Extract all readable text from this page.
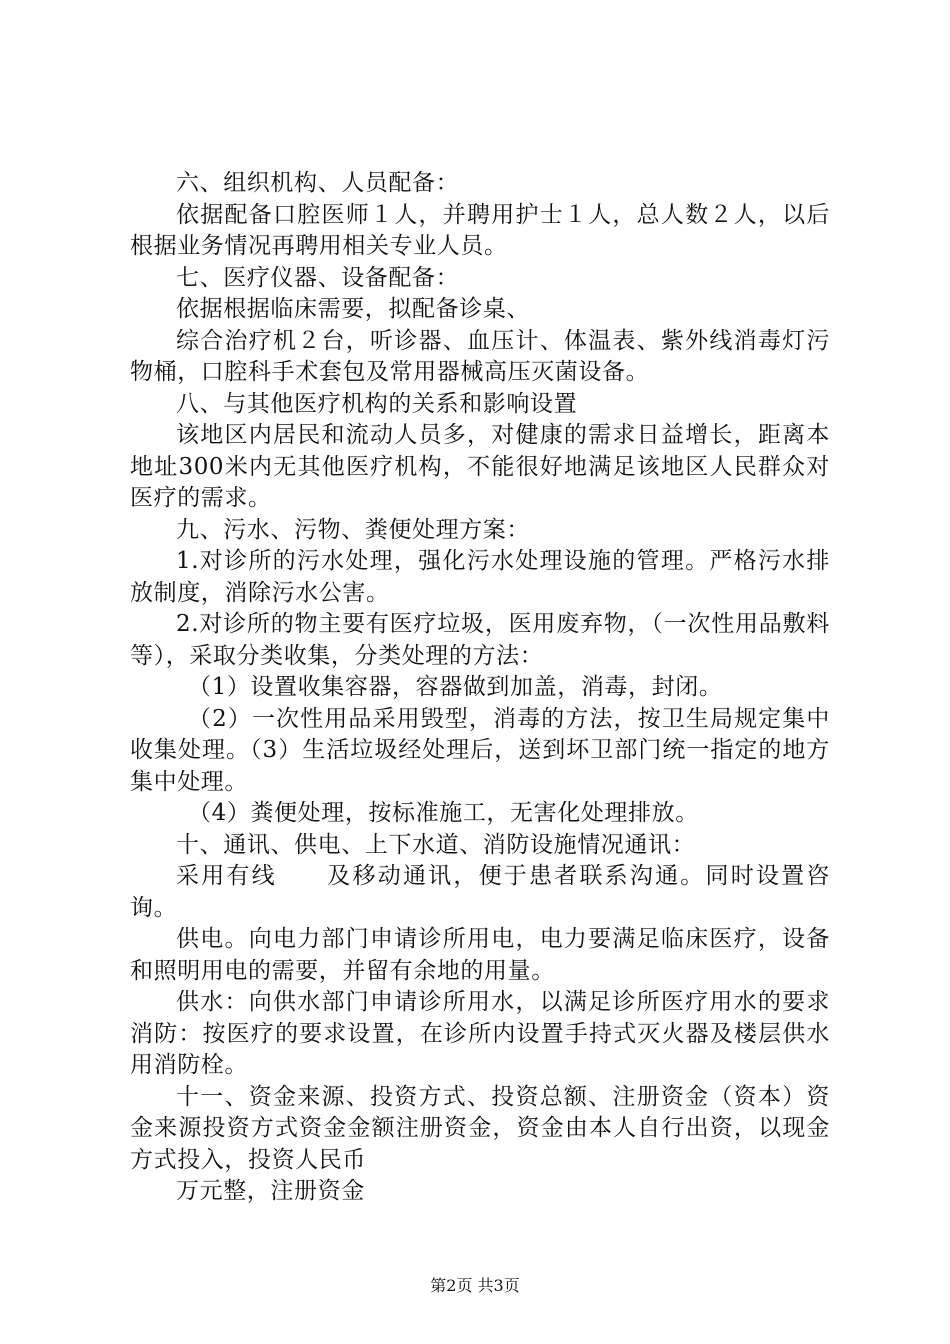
六、组织机构、人员配备：

依据配备口腔医师１人，并聘用护士１人，总人数２人，以后根据业务情况再聘用相关专业人员。

七、医疗仪器、设备配备：

依据根据临床需要，拟配备诊桌、

综合治疗机２台，听诊器、血压计、体温表、紫外线消毒灯污物桶，口腔科手术套包及常用器械高压灭菌设备。

八、与其他医疗机构的关系和影响设置

该地区内居民和流动人员多，对健康的需求日益增长，距离本地址300米内无其他医疗机构，不能很好地满足该地区人民群众对医疗的需求。

九、污水、污物、粪便处理方案：

1.对诊所的污水处理，强化污水处理设施的管理。严格污水排放制度，消除污水公害。

2.对诊所的物主要有医疗垃圾，医用废弃物，（一次性用品敷料等），采取分类收集，分类处理的方法：

（1）设置收集容器，容器做到加盖，消毒，封闭。

（2）一次性用品采用毁型，消毒的方法，按卫生局规定集中收集处理。（3）生活垃圾经处理后，送到坏卫部门统一指定的地方集中处理。

（4）粪便处理，按标准施工，无害化处理排放。

十、通讯、供电、上下水道、消防设施情况通讯：

采用有线　　及移动通讯，便于患者联系沟通。同时设置咨询。

供电。向电力部门申请诊所用电，电力要满足临床医疗，设备和照明用电的需要，并留有余地的用量。

供水：向供水部门申请诊所用水，以满足诊所医疗用水的要求消防：按医疗的要求设置，在诊所内设置手持式灭火器及楼层供水用消防栓。

十一、资金来源、投资方式、投资总额、注册资金（资本）资金来源投资方式资金金额注册资金，资金由本人自行出资，以现金方式投入，投资人民币

万元整，注册资金

第2页 共3页
